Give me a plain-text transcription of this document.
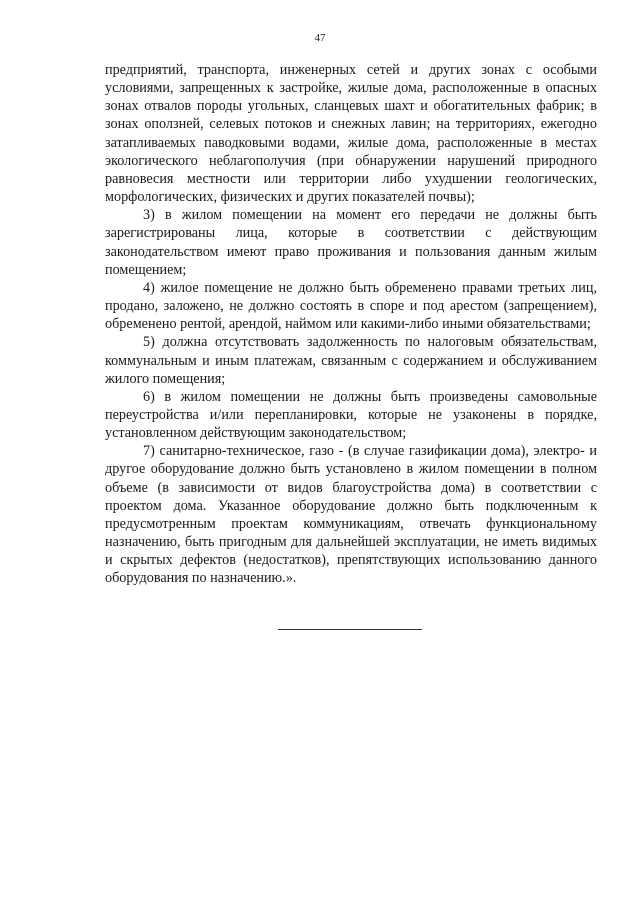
47

предприятий, транспорта, инженерных сетей и других зонах с особыми условиями, запрещенных к застройке, жилые дома, расположенные в опасных зонах отвалов породы угольных, сланцевых шахт и обогатительных фабрик; в зонах оползней, селевых потоков и снежных лавин; на территориях, ежегодно затапливаемых паводковыми водами, жилые дома, расположенные в местах экологического неблагополучия (при обнаружении нарушений природного равновесия местности или территории либо ухудшении геологических, морфологических, физических и других показателей почвы);

3) в жилом помещении на момент его передачи не должны быть зарегистрированы лица, которые в соответствии с действующим законодательством имеют право проживания и пользования данным жилым помещением;

4) жилое помещение не должно быть обременено правами третьих лиц, продано, заложено, не должно состоять в споре и под арестом (запрещением), обременено рентой, арендой, наймом или какими-либо иными обязательствами;

5) должна отсутствовать задолженность по налоговым обязательствам, коммунальным и иным платежам, связанным с содержанием и обслуживанием жилого помещения;

6) в жилом помещении не должны быть произведены самовольные переустройства и/или перепланировки, которые не узаконены в порядке, установленном действующим законодательством;

7) санитарно-техническое, газо - (в случае газификации дома), электро- и другое оборудование должно быть установлено в жилом помещении в полном объеме (в зависимости от видов благоустройства дома) в соответствии с проектом дома. Указанное оборудование должно быть подключенным к предусмотренным проектам коммуникациям, отвечать функциональному назначению, быть пригодным для дальнейшей эксплуатации, не иметь видимых и скрытых дефектов (недостатков), препятствующих использованию данного оборудования по назначению.».
